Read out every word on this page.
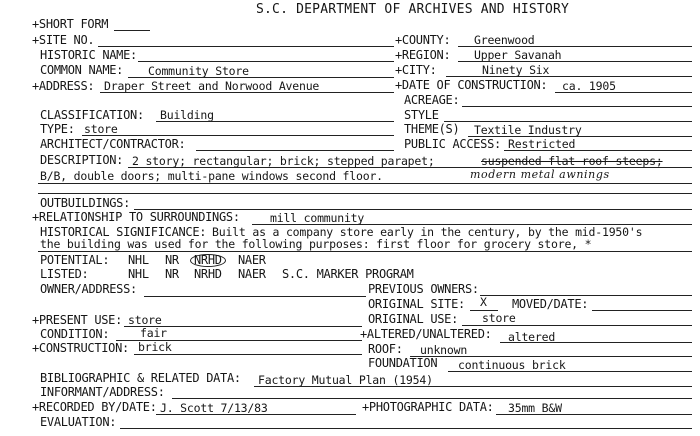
S.C. DEPARTMENT OF ARCHIVES AND HISTORY
+SHORT FORM
+SITE NO.	+COUNTY: Greenwood
HISTORIC NAME:	+REGION: Upper Savanah
COMMON NAME: Community Store	+CITY:	Ninety Six
+ADDRESS: Draper Street and Norwood Avenue	+DATE OF CONSTRUCTION: ca. 1905
ACREAGE:
CLASSIFICATION: Building	STYLE
TYPE: store	THEME(S) Textile Industry
ARCHITECT/CONTRACTOR:	PUBLIC ACCESS: Restricted
DESCRIPTION: 2 story; rectangular; brick; stepped parapet;	suspended flat roof steeps;
B/B, double doors; multi-pane windows second floor.	modern metal awnings
OUTBUILDINGS:
+RELATIONSHIP TO SURROUNDINGS:	mill community
HISTORICAL SIGNIFICANCE: Built as a company store early in the century, by the mid-1950's
the building was used for the following purposes: first floor for grocery store, *
POTENTIAL: NHL NR	NRHD	NAER
LISTED:	NHL NR NRHD NAER S.C. MARKER PROGRAM
OWNER/ADDRESS:	PREVIOUS OWNERS:
ORIGINAL SITE: X MOVED/DATE:
+PRESENT USE: store	ORIGINAL USE: store
CONDITION:	fair	+ALTERED/UNALTERED: altered
+CONSTRUCTION: brick	ROOF: unknown
FOUNDATION continuous brick
BIBLIOGRAPHIC & RELATED DATA: Factory Mutual Plan (1954)
INFORMANT/ADDRESS:
+RECORDED BY/DATE: J. Scott 7/13/83	+PHOTOGRAPHIC DATA: 35mm B&W
EVALUATION:
